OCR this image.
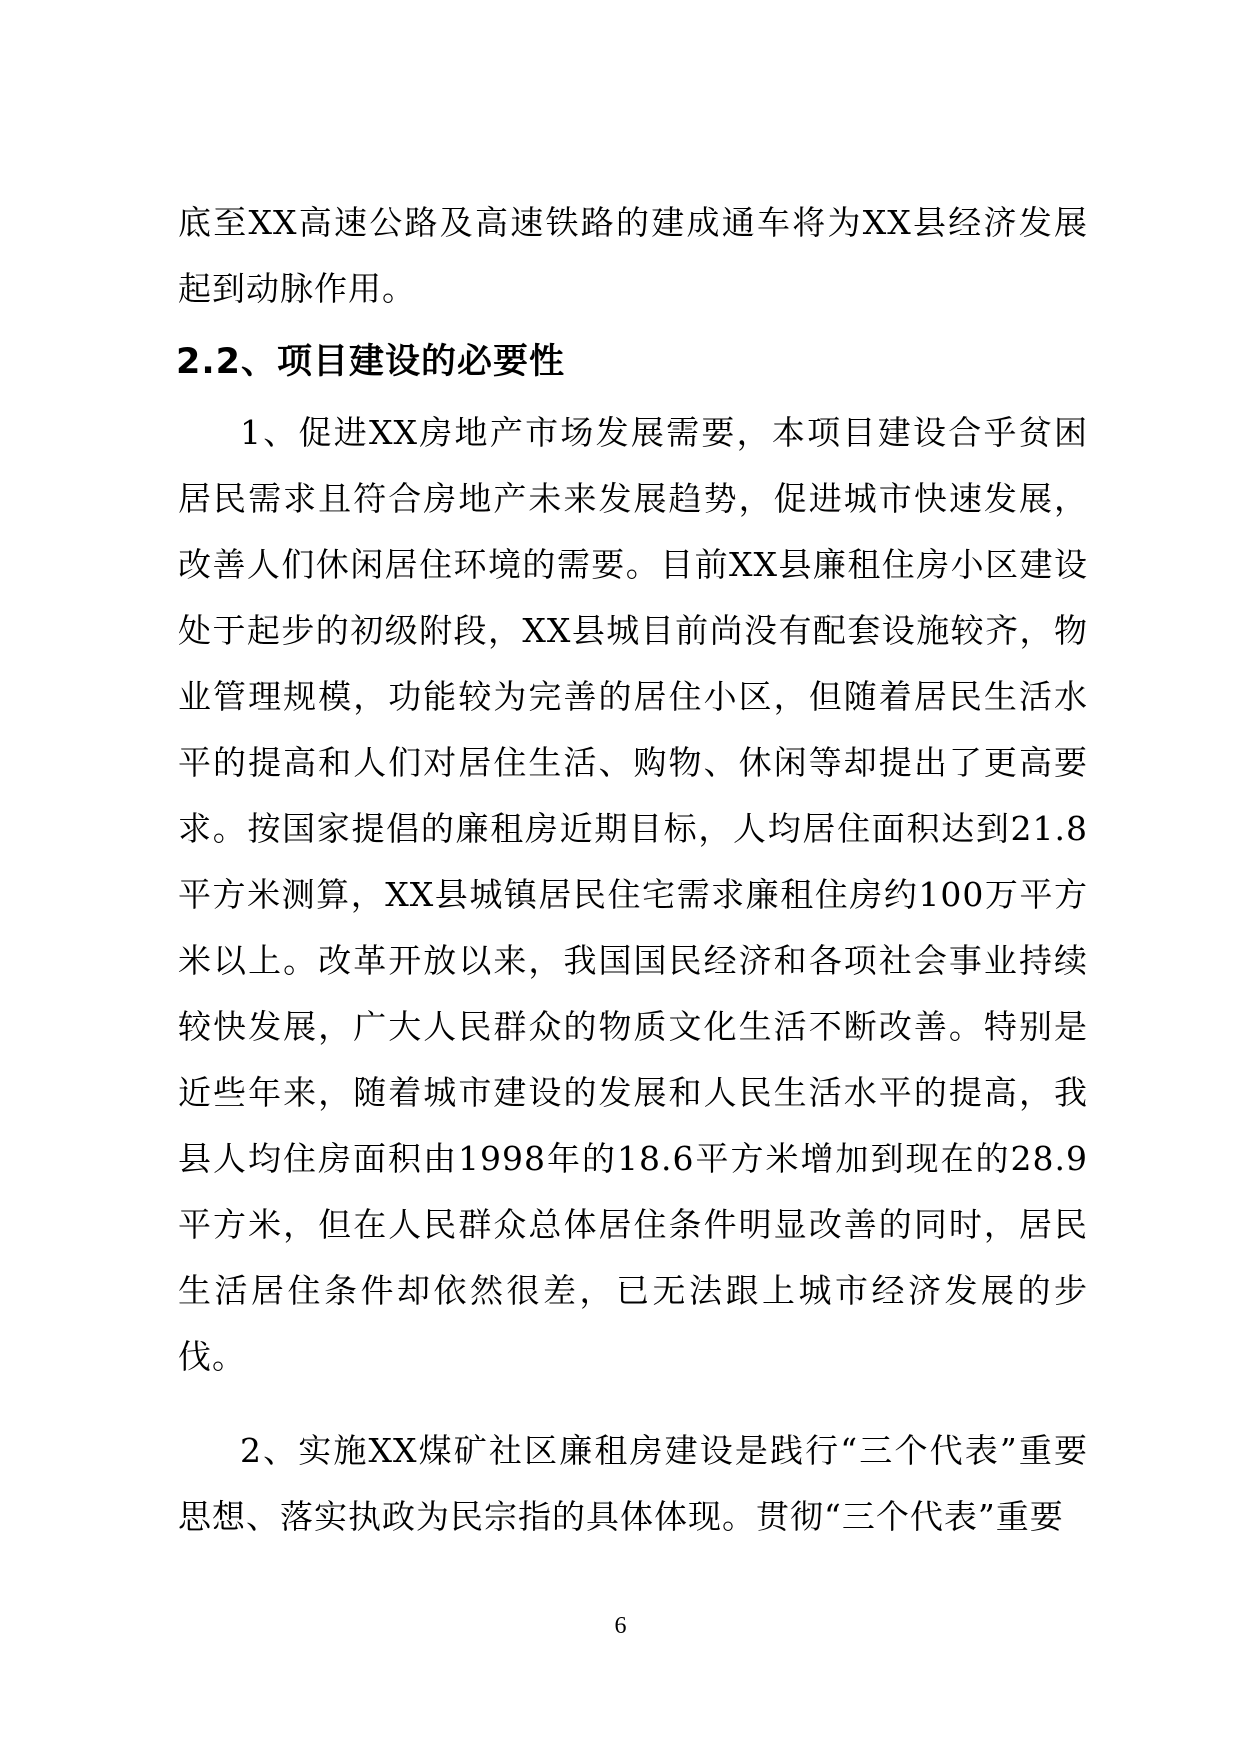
底至XX高速公路及高速铁路的建成通车将为XX县经济发展起到动脉作用。

2.2、项目建设的必要性

1、促进XX房地产市场发展需要，本项目建设合乎贫困居民需求且符合房地产未来发展趋势，促进城市快速发展，改善人们休闲居住环境的需要。目前XX县廉租住房小区建设处于起步的初级附段，XX县城目前尚没有配套设施较齐，物业管理规模，功能较为完善的居住小区，但随着居民生活水平的提高和人们对居住生活、购物、休闲等却提出了更高要求。按国家提倡的廉租房近期目标，人均居住面积达到21.8平方米测算，XX县城镇居民住宅需求廉租住房约100万平方米以上。改革开放以来，我国国民经济和各项社会事业持续较快发展，广大人民群众的物质文化生活不断改善。特别是近些年来，随着城市建设的发展和人民生活水平的提高，我县人均住房面积由1998年的18.6平方米增加到现在的28.9平方米，但在人民群众总体居住条件明显改善的同时，居民生活居住条件却依然很差，已无法跟上城市经济发展的步伐。

2、实施XX煤矿社区廉租房建设是践行“三个代表”重要思想、落实执政为民宗指的具体体现。贯彻“三个代表”重要

6
